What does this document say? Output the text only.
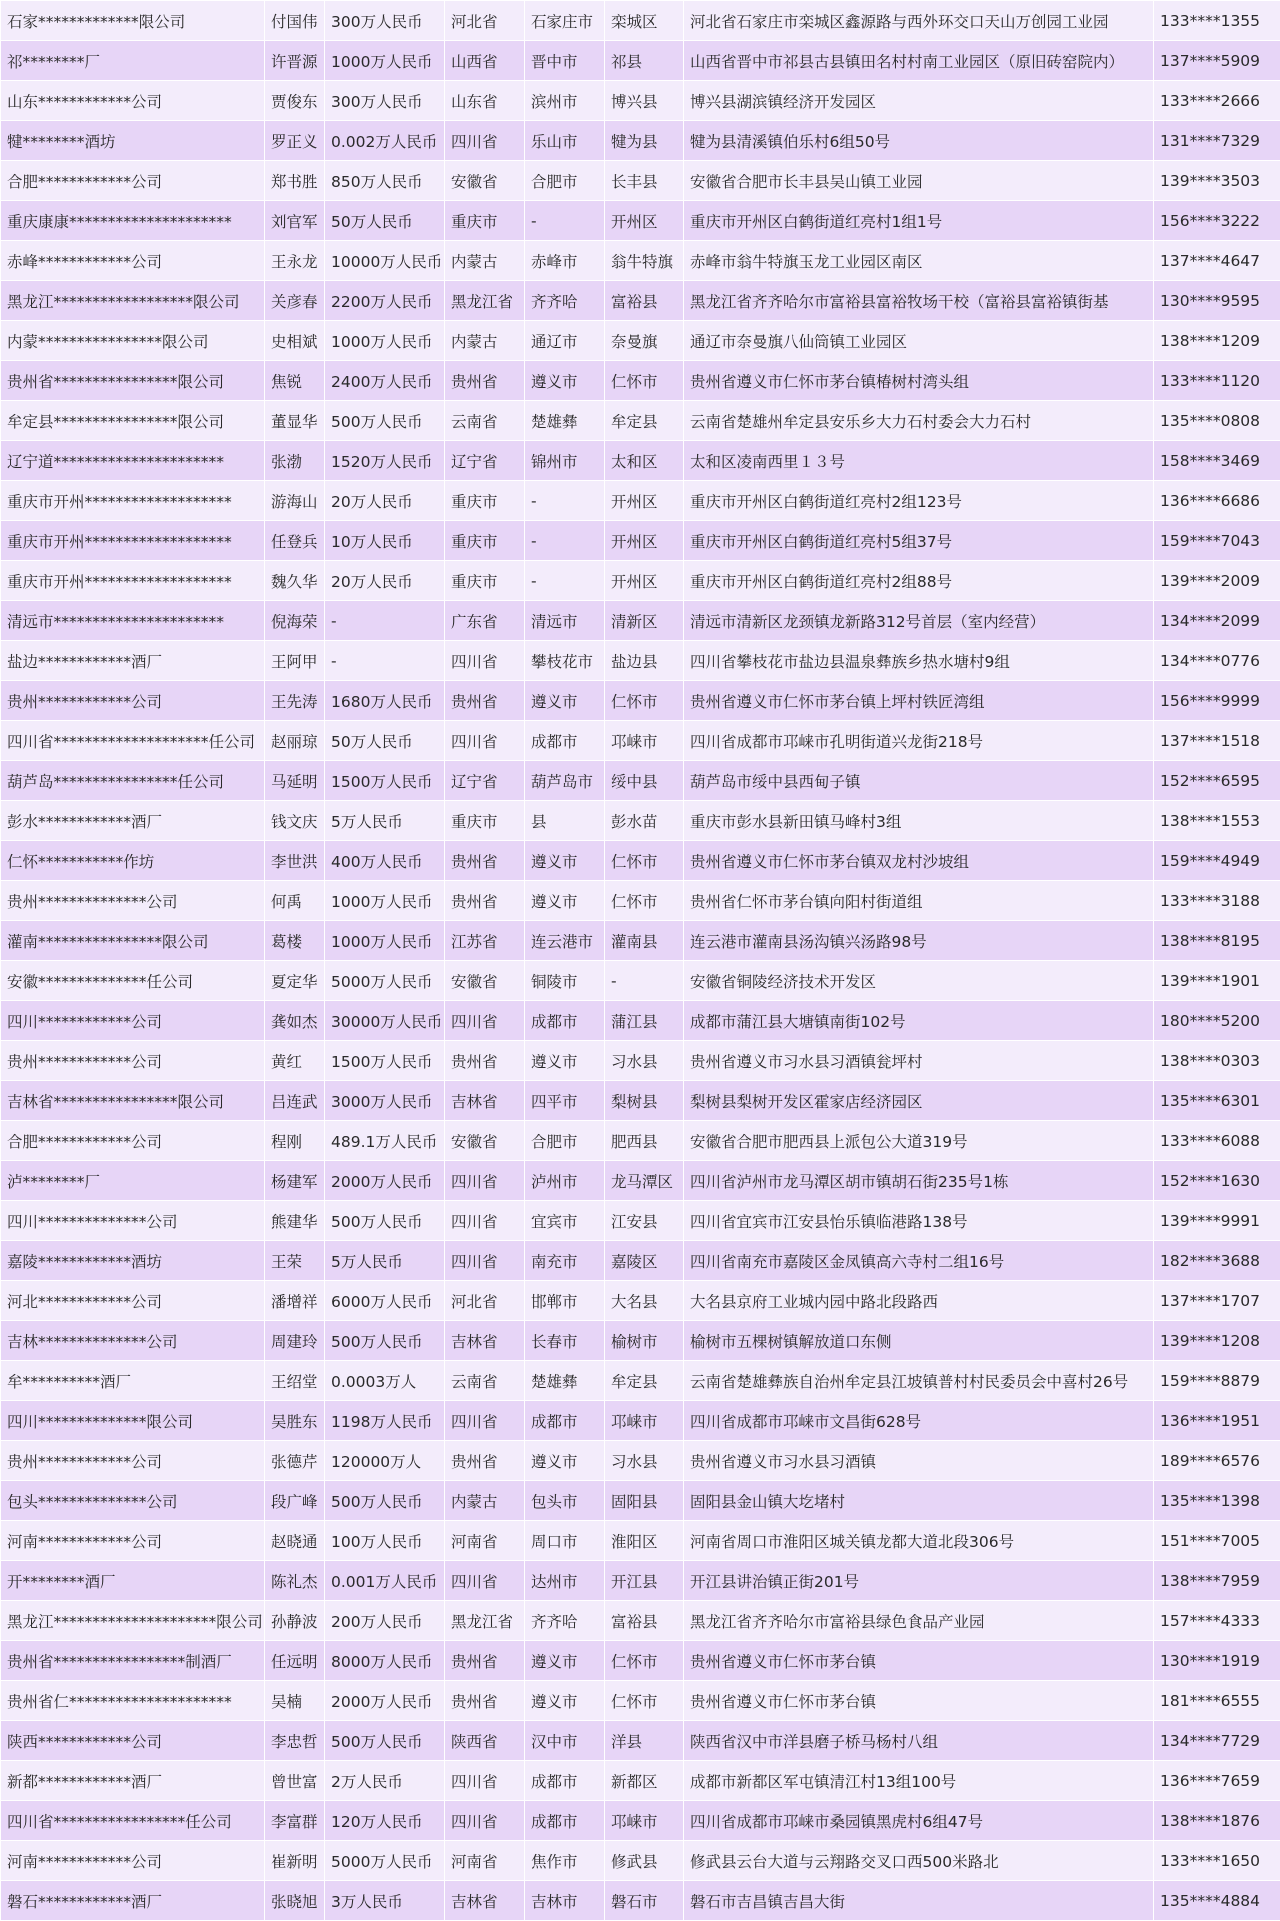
石家*************限公司	付国伟	300万人民币	河北省	石家庄市	栾城区	河北省石家庄市栾城区鑫源路与西外环交口天山万创园工业园	133****1355
祁********厂	许晋源	1000万人民币	山西省	晋中市	祁县	山西省晋中市祁县古县镇田名村村南工业园区（原旧砖窑院内）	137****5909
山东************公司	贾俊东	300万人民币	山东省	滨州市	博兴县	博兴县湖滨镇经济开发园区	133****2666
犍********酒坊	罗正义	0.002万人民币	四川省	乐山市	犍为县	犍为县清溪镇伯乐村6组50号	131****7329
合肥************公司	郑书胜	850万人民币	安徽省	合肥市	长丰县	安徽省合肥市长丰县吴山镇工业园	139****3503
重庆康康*********************	刘官军	50万人民币	重庆市	-	开州区	重庆市开州区白鹤街道红亮村1组1号	156****3222
赤峰************公司	王永龙	10000万人民币	内蒙古	赤峰市	翁牛特旗	赤峰市翁牛特旗玉龙工业园区南区	137****4647
黑龙江******************限公司	关彦春	2200万人民币	黑龙江省	齐齐哈	富裕县	黑龙江省齐齐哈尔市富裕县富裕牧场干校（富裕县富裕镇街基	130****9595
内蒙****************限公司	史相斌	1000万人民币	内蒙古	通辽市	奈曼旗	通辽市奈曼旗八仙筒镇工业园区	138****1209
贵州省****************限公司	焦锐	2400万人民币	贵州省	遵义市	仁怀市	贵州省遵义市仁怀市茅台镇椿树村湾头组	133****1120
牟定县****************限公司	董显华	500万人民币	云南省	楚雄彝	牟定县	云南省楚雄州牟定县安乐乡大力石村委会大力石村	135****0808
辽宁道**********************	张渤	1520万人民币	辽宁省	锦州市	太和区	太和区凌南西里１３号	158****3469
重庆市开州*******************	游海山	20万人民币	重庆市	-	开州区	重庆市开州区白鹤街道红亮村2组123号	136****6686
重庆市开州*******************	任登兵	10万人民币	重庆市	-	开州区	重庆市开州区白鹤街道红亮村5组37号	159****7043
重庆市开州*******************	魏久华	20万人民币	重庆市	-	开州区	重庆市开州区白鹤街道红亮村2组88号	139****2009
清远市**********************	倪海荣	-	广东省	清远市	清新区	清远市清新区龙颈镇龙新路312号首层（室内经营）	134****2099
盐边************酒厂	王阿甲	-	四川省	攀枝花市	盐边县	四川省攀枝花市盐边县温泉彝族乡热水塘村9组	134****0776
贵州************公司	王先涛	1680万人民币	贵州省	遵义市	仁怀市	贵州省遵义市仁怀市茅台镇上坪村铁匠湾组	156****9999
四川省********************任公司	赵丽琼	50万人民币	四川省	成都市	邛崃市	四川省成都市邛崃市孔明街道兴龙街218号	137****1518
葫芦岛****************任公司	马延明	1500万人民币	辽宁省	葫芦岛市	绥中县	葫芦岛市绥中县西甸子镇	152****6595
彭水************酒厂	钱文庆	5万人民币	重庆市	县	彭水苗	重庆市彭水县新田镇马峰村3组	138****1553
仁怀***********作坊	李世洪	400万人民币	贵州省	遵义市	仁怀市	贵州省遵义市仁怀市茅台镇双龙村沙坡组	159****4949
贵州**************公司	何禹	1000万人民币	贵州省	遵义市	仁怀市	贵州省仁怀市茅台镇向阳村街道组	133****3188
灌南****************限公司	葛楼	1000万人民币	江苏省	连云港市	灌南县	连云港市灌南县汤沟镇兴汤路98号	138****8195
安徽**************任公司	夏定华	5000万人民币	安徽省	铜陵市	-	安徽省铜陵经济技术开发区	139****1901
四川************公司	龚如杰	30000万人民币	四川省	成都市	蒲江县	成都市蒲江县大塘镇南街102号	180****5200
贵州************公司	黄红	1500万人民币	贵州省	遵义市	习水县	贵州省遵义市习水县习酒镇瓮坪村	138****0303
吉林省****************限公司	吕连武	3000万人民币	吉林省	四平市	梨树县	梨树县梨树开发区霍家店经济园区	135****6301
合肥************公司	程刚	489.1万人民币	安徽省	合肥市	肥西县	安徽省合肥市肥西县上派包公大道319号	133****6088
泸********厂	杨建军	2000万人民币	四川省	泸州市	龙马潭区	四川省泸州市龙马潭区胡市镇胡石街235号1栋	152****1630
四川**************公司	熊建华	500万人民币	四川省	宜宾市	江安县	四川省宜宾市江安县怡乐镇临港路138号	139****9991
嘉陵************酒坊	王荣	5万人民币	四川省	南充市	嘉陵区	四川省南充市嘉陵区金凤镇高六寺村二组16号	182****3688
河北************公司	潘增祥	6000万人民币	河北省	邯郸市	大名县	大名县京府工业城内园中路北段路西	137****1707
吉林**************公司	周建玲	500万人民币	吉林省	长春市	榆树市	榆树市五棵树镇解放道口东侧	139****1208
牟**********酒厂	王绍堂	0.0003万人	云南省	楚雄彝	牟定县	云南省楚雄彝族自治州牟定县江坡镇普村村民委员会中喜村26号	159****8879
四川**************限公司	吴胜东	1198万人民币	四川省	成都市	邛崃市	四川省成都市邛崃市文昌街628号	136****1951
贵州************公司	张德芹	120000万人	贵州省	遵义市	习水县	贵州省遵义市习水县习酒镇	189****6576
包头**************公司	段广峰	500万人民币	内蒙古	包头市	固阳县	固阳县金山镇大圪堵村	135****1398
河南************公司	赵晓通	100万人民币	河南省	周口市	淮阳区	河南省周口市淮阳区城关镇龙都大道北段306号	151****7005
开********酒厂	陈礼杰	0.001万人民币	四川省	达州市	开江县	开江县讲治镇正街201号	138****7959
黑龙江*********************限公司	孙静波	200万人民币	黑龙江省	齐齐哈	富裕县	黑龙江省齐齐哈尔市富裕县绿色食品产业园	157****4333
贵州省*****************制酒厂	任远明	8000万人民币	贵州省	遵义市	仁怀市	贵州省遵义市仁怀市茅台镇	130****1919
贵州省仁*********************	吴楠	2000万人民币	贵州省	遵义市	仁怀市	贵州省遵义市仁怀市茅台镇	181****6555
陕西************公司	李忠哲	500万人民币	陕西省	汉中市	洋县	陕西省汉中市洋县磨子桥马杨村八组	134****7729
新都************酒厂	曾世富	2万人民币	四川省	成都市	新都区	成都市新都区军屯镇清江村13组100号	136****7659
四川省*****************任公司	李富群	120万人民币	四川省	成都市	邛崃市	四川省成都市邛崃市桑园镇黑虎村6组47号	138****1876
河南************公司	崔新明	5000万人民币	河南省	焦作市	修武县	修武县云台大道与云翔路交叉口西500米路北	133****1650
磐石************酒厂	张晓旭	3万人民币	吉林省	吉林市	磐石市	磐石市吉昌镇吉昌大街	135****4884
